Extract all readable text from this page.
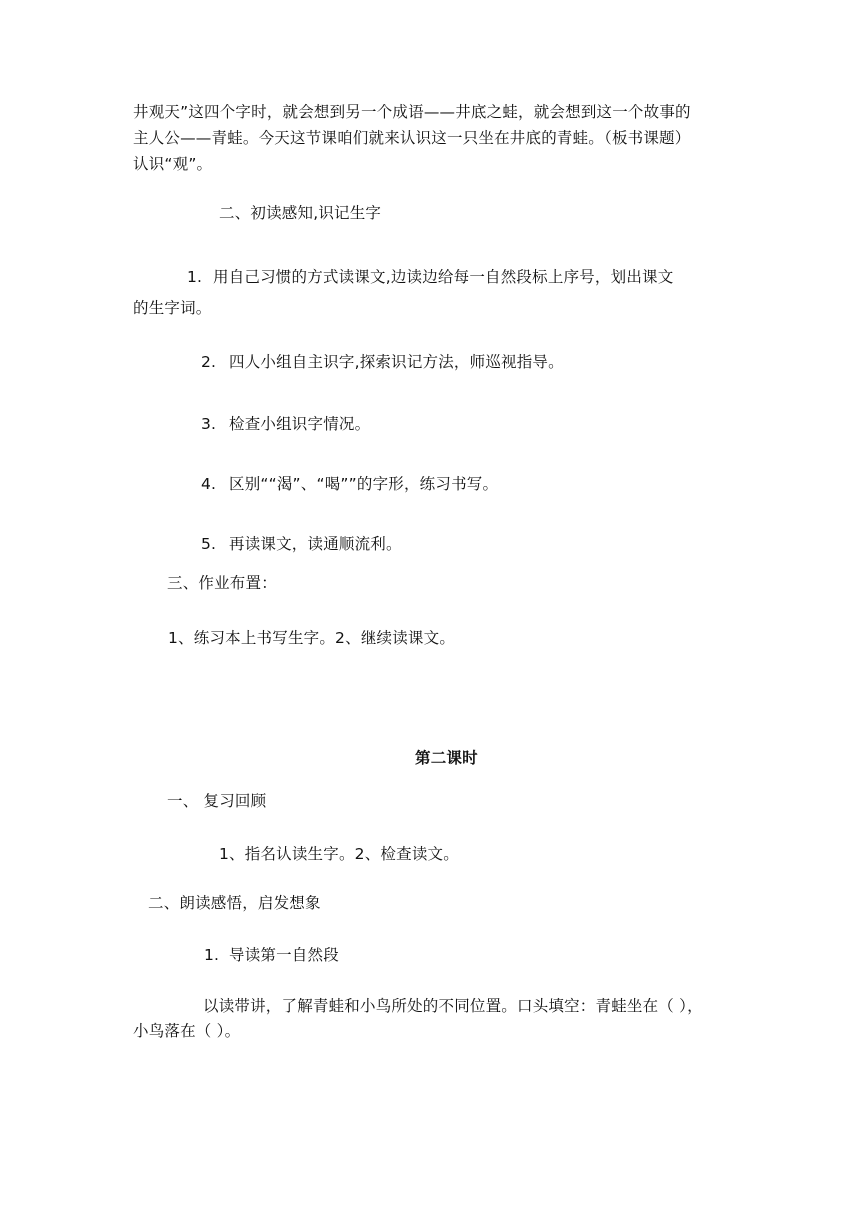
井观天”这四个字时，就会想到另一个成语——井底之蛙，就会想到这一个故事的
主人公——青蛙。今天这节课咱们就来认识这一只坐在井底的青蛙。（板书课题）
认识“观”。
二、初读感知,识记生字
1. 用自己习惯的方式读课文,边读边给每一自然段标上序号，划出课文
的生字词。
2. 四人小组自主识字,探索识记方法，师巡视指导。
3. 检查小组识字情况。
4. 区别““渴”、“喝””的字形，练习书写。
5. 再读课文，读通顺流利。
三、作业布置：
1、练习本上书写生字。2、继续读课文。
第二课时
一、 复习回顾
1、指名认读生字。2、检查读文。
二、朗读感悟，启发想象
1. 导读第一自然段
以读带讲，了解青蛙和小鸟所处的不同位置。口头填空：青蛙坐在（ ），
小鸟落在（ ）。
